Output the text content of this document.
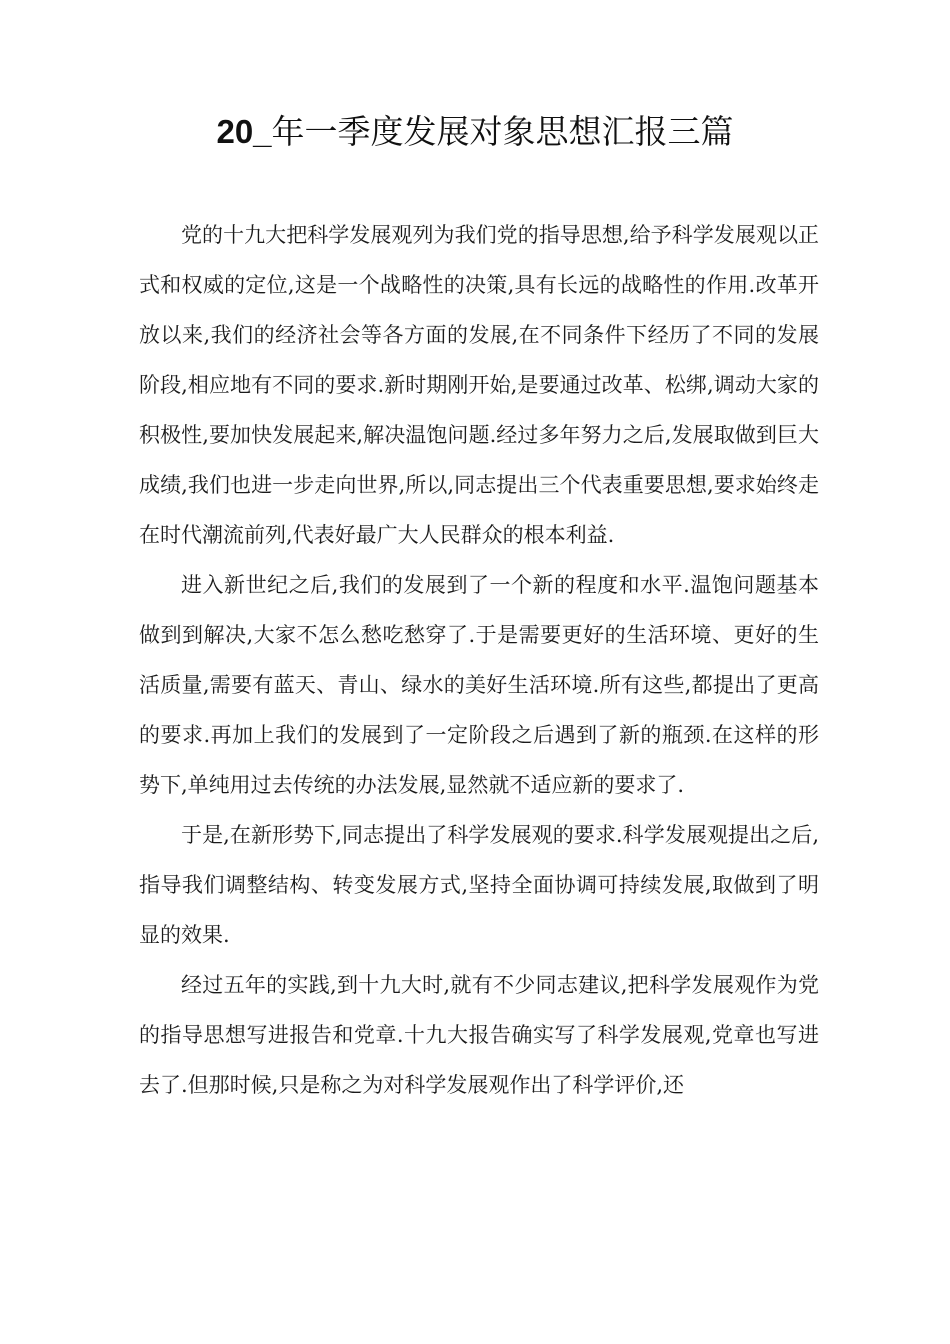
20_年一季度发展对象思想汇报三篇

党的十九大把科学发展观列为我们党的指导思想,给予科学发展观以正式和权威的定位,这是一个战略性的决策,具有长远的战略性的作用.改革开放以来,我们的经济社会等各方面的发展,在不同条件下经历了不同的发展阶段,相应地有不同的要求.新时期刚开始,是要通过改革、松绑,调动大家的积极性,要加快发展起来,解决温饱问题.经过多年努力之后,发展取做到巨大成绩,我们也进一步走向世界,所以,同志提出三个代表重要思想,要求始终走在时代潮流前列,代表好最广大人民群众的根本利益.

进入新世纪之后,我们的发展到了一个新的程度和水平.温饱问题基本做到到解决,大家不怎么愁吃愁穿了.于是需要更好的生活环境、更好的生活质量,需要有蓝天、青山、绿水的美好生活环境.所有这些,都提出了更高的要求.再加上我们的发展到了一定阶段之后遇到了新的瓶颈.在这样的形势下,单纯用过去传统的办法发展,显然就不适应新的要求了.

于是,在新形势下,同志提出了科学发展观的要求.科学发展观提出之后,指导我们调整结构、转变发展方式,坚持全面协调可持续发展,取做到了明显的效果.

经过五年的实践,到十九大时,就有不少同志建议,把科学发展观作为党的指导思想写进报告和党章.十九大报告确实写了科学发展观,党章也写进去了.但那时候,只是称之为对科学发展观作出了科学评价,还
